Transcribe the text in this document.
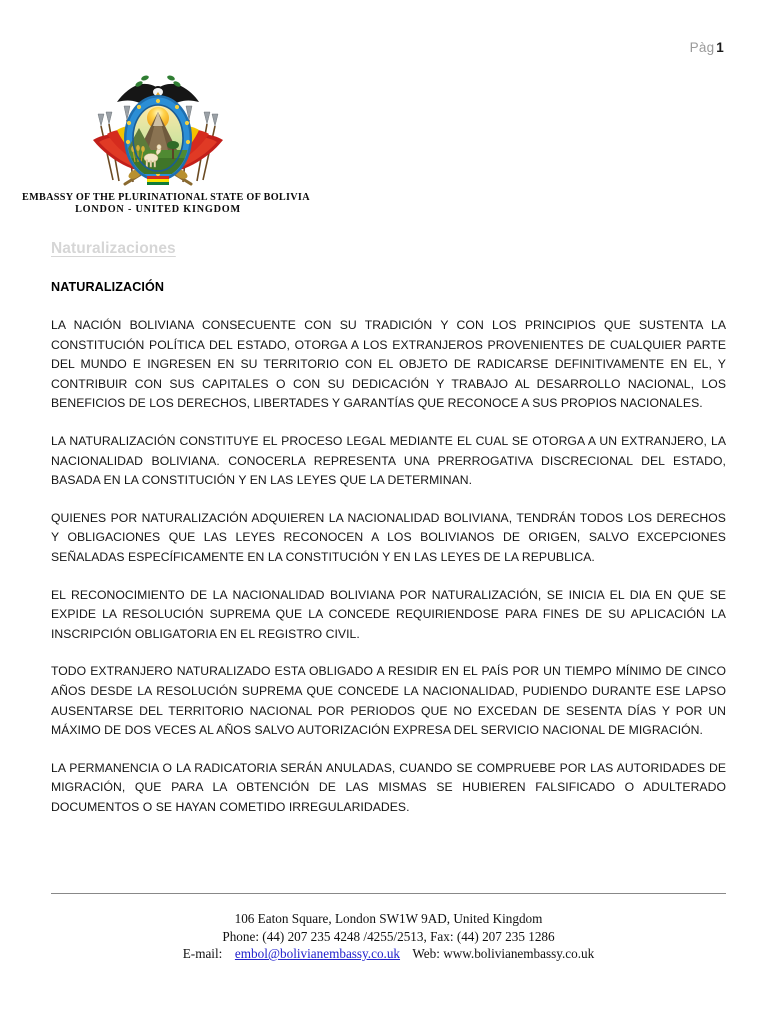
Pàg 1
EMBASSY OF THE PLURINATIONAL STATE OF BOLIVIA
LONDON - UNITED KINGDOM
Naturalizaciones
NATURALIZACIÓN

LA NACIÓN BOLIVIANA CONSECUENTE CON SU TRADICIÓN Y CON LOS PRINCIPIOS QUE SUSTENTA LA CONSTITUCIÓN POLÍTICA DEL ESTADO, OTORGA A LOS EXTRANJEROS PROVENIENTES DE CUALQUIER PARTE DEL MUNDO E INGRESEN EN SU TERRITORIO CON EL OBJETO DE RADICARSE DEFINITIVAMENTE EN EL, Y CONTRIBUIR CON SUS CAPITALES O CON SU DEDICACIÓN Y TRABAJO AL DESARROLLO NACIONAL, LOS BENEFICIOS DE LOS DERECHOS, LIBERTADES Y GARANTÍAS QUE RECONOCE A SUS PROPIOS NACIONALES.

LA NATURALIZACIÓN CONSTITUYE EL PROCESO LEGAL MEDIANTE EL CUAL SE OTORGA A UN EXTRANJERO, LA NACIONALIDAD BOLIVIANA. CONOCERLA REPRESENTA UNA PRERROGATIVA DISCRECIONAL DEL ESTADO, BASADA EN LA CONSTITUCIÓN Y EN LAS LEYES QUE LA DETERMINAN.

QUIENES POR NATURALIZACIÓN ADQUIEREN LA NACIONALIDAD BOLIVIANA, TENDRÁN TODOS LOS DERECHOS Y OBLIGACIONES QUE LAS LEYES RECONOCEN A LOS BOLIVIANOS DE ORIGEN, SALVO EXCEPCIONES SEÑALADAS ESPECÍFICAMENTE EN LA CONSTITUCIÓN Y EN LAS LEYES DE LA REPUBLICA.

EL RECONOCIMIENTO DE LA NACIONALIDAD BOLIVIANA POR NATURALIZACIÓN, SE INICIA EL DIA EN QUE SE EXPIDE LA RESOLUCIÓN SUPREMA QUE LA CONCEDE REQUIRIENDOSE PARA FINES DE SU APLICACIÓN LA INSCRIPCIÓN OBLIGATORIA EN EL REGISTRO CIVIL.

TODO EXTRANJERO NATURALIZADO ESTA OBLIGADO A RESIDIR EN EL PAÍS POR UN TIEMPO MÍNIMO DE CINCO AÑOS DESDE LA RESOLUCIÓN SUPREMA QUE CONCEDE LA NACIONALIDAD, PUDIENDO DURANTE ESE LAPSO AUSENTARSE DEL TERRITORIO NACIONAL POR PERIODOS QUE NO EXCEDAN DE SESENTA DÍAS Y POR UN MÁXIMO DE DOS VECES AL AÑOS SALVO AUTORIZACIÓN EXPRESA DEL SERVICIO NACIONAL DE MIGRACIÓN.

LA PERMANENCIA O LA RADICATORIA SERÁN ANULADAS, CUANDO SE COMPRUEBE POR LAS AUTORIDADES DE MIGRACIÓN, QUE PARA LA OBTENCIÓN DE LAS MISMAS SE HUBIEREN FALSIFICADO O ADULTERADO DOCUMENTOS O SE HAYAN COMETIDO IRREGULARIDADES.

106 Eaton Square, London SW1W 9AD, United Kingdom
Phone: (44) 207 235 4248 /4255/2513, Fax: (44) 207 235 1286
E-mail: embol@bolivianembassy.co.uk Web: www.bolivianembassy.co.uk
